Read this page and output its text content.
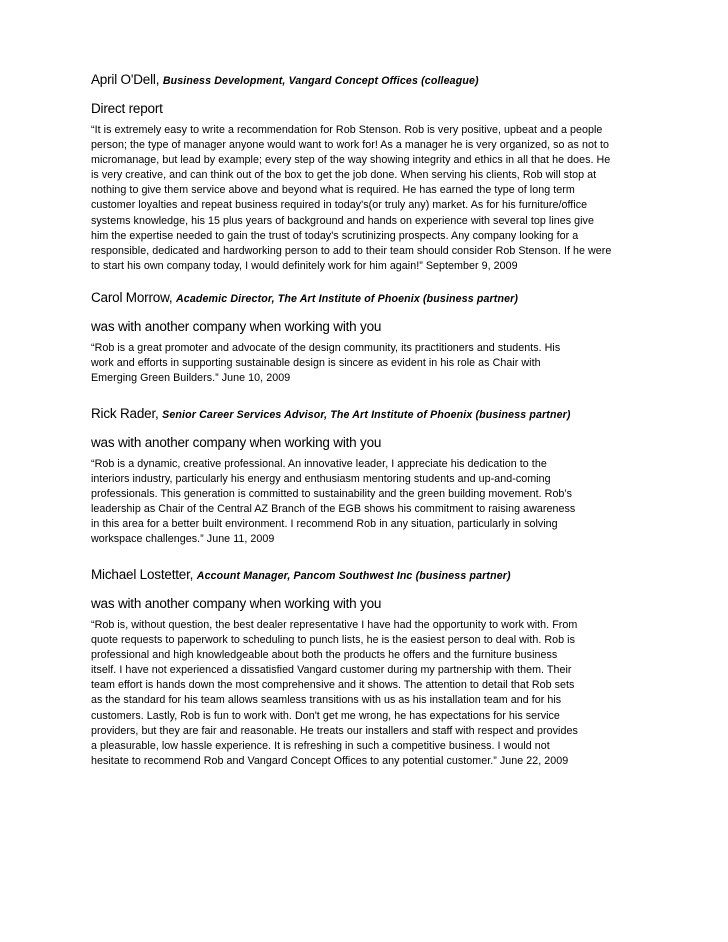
April O'Dell, Business Development, Vangard Concept Offices (colleague)
Direct report
“It is extremely easy to write a recommendation for Rob Stenson. Rob is very positive, upbeat and a people
person; the type of manager anyone would want to work for! As a manager he is very organized, so as not to
micromanage, but lead by example; every step of the way showing integrity and ethics in all that he does. He
is very creative, and can think out of the box to get the job done. When serving his clients, Rob will stop at
nothing to give them service above and beyond what is required. He has earned the type of long term
customer loyalties and repeat business required in today's(or truly any) market. As for his furniture/office
systems knowledge, his 15 plus years of background and hands on experience with several top lines give
him the expertise needed to gain the trust of today's scrutinizing prospects. Any company looking for a
responsible, dedicated and hardworking person to add to their team should consider Rob Stenson. If he were
to start his own company today, I would definitely work for him again!” September 9, 2009
Carol Morrow, Academic Director, The Art Institute of Phoenix (business partner)
was with another company when working with you
“Rob is a great promoter and advocate of the design community, its practitioners and students. His
work and efforts in supporting sustainable design is sincere as evident in his role as Chair with
Emerging Green Builders.” June 10, 2009
Rick Rader, Senior Career Services Advisor, The Art Institute of Phoenix (business partner)
was with another company when working with you
“Rob is a dynamic, creative professional. An innovative leader, I appreciate his dedication to the
interiors industry, particularly his energy and enthusiasm mentoring students and up-and-coming
professionals. This generation is committed to sustainability and the green building movement. Rob’s
leadership as Chair of the Central AZ Branch of the EGB shows his commitment to raising awareness
in this area for a better built environment. I recommend Rob in any situation, particularly in solving
workspace challenges.” June 11, 2009
Michael Lostetter, Account Manager, Pancom Southwest Inc (business partner)
was with another company when working with you
“Rob is, without question, the best dealer representative I have had the opportunity to work with. From
quote requests to paperwork to scheduling to punch lists, he is the easiest person to deal with. Rob is
professional and high knowledgeable about both the products he offers and the furniture business
itself. I have not experienced a dissatisfied Vangard customer during my partnership with them. Their
team effort is hands down the most comprehensive and it shows. The attention to detail that Rob sets
as the standard for his team allows seamless transitions with us as his installation team and for his
customers. Lastly, Rob is fun to work with. Don't get me wrong, he has expectations for his service
providers, but they are fair and reasonable. He treats our installers and staff with respect and provides
a pleasurable, low hassle experience. It is refreshing in such a competitive business. I would not
hesitate to recommend Rob and Vangard Concept Offices to any potential customer.” June 22, 2009
